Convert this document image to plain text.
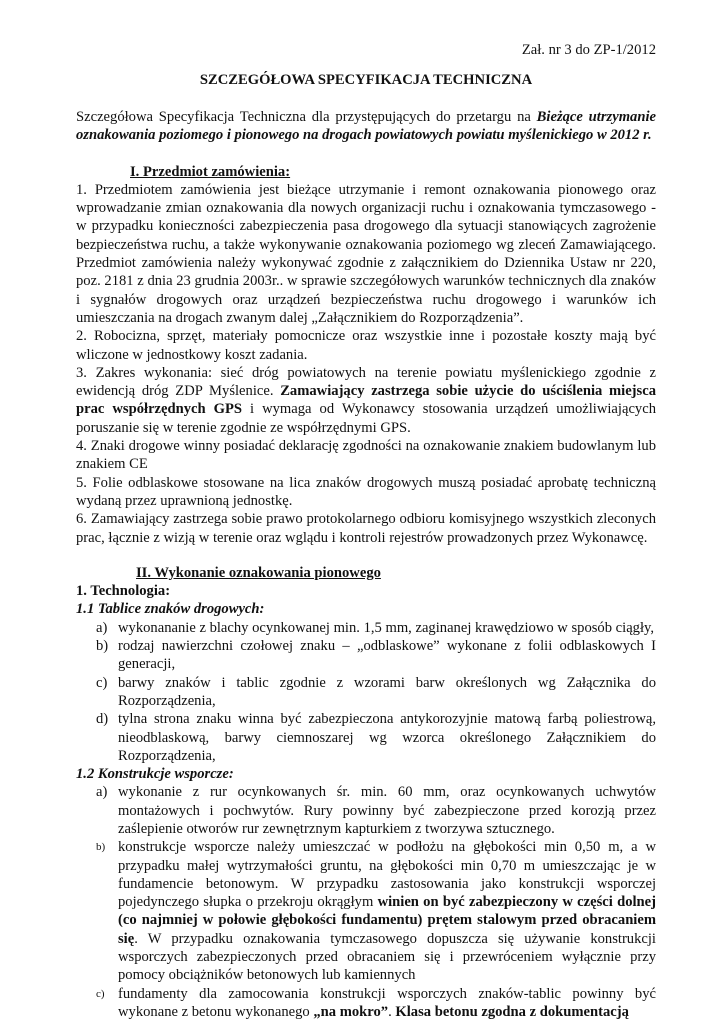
Zał. nr 3 do ZP-1/2012
SZCZEGÓŁOWA SPECYFIKACJA TECHNICZNA
Szczegółowa Specyfikacja Techniczna dla przystępujących do przetargu na Bieżące utrzymanie
oznakowania poziomego i pionowego na drogach powiatowych powiatu myślenickiego w 2012 r.
I. Przedmiot zamówienia:

1. Przedmiotem zamówienia jest bieżące utrzymanie i remont oznakowania pionowego oraz wprowadzanie zmian oznakowania dla nowych organizacji ruchu i oznakowania tymczasowego - w przypadku konieczności zabezpieczenia pasa drogowego dla sytuacji stanowiących zagrożenie bezpieczeństwa ruchu, a także wykonywanie oznakowania poziomego wg zleceń Zamawiającego. Przedmiot zamówienia należy wykonywać zgodnie z załącznikiem do Dziennika Ustaw nr 220, poz. 2181 z dnia 23 grudnia 2003r.. w sprawie szczegółowych warunków technicznych dla znaków i sygnałów drogowych oraz urządzeń bezpieczeństwa ruchu drogowego i warunków ich umieszczania na drogach zwanym dalej „Załącznikiem do Rozporządzenia”.

2. Robocizna, sprzęt, materiały pomocnicze oraz wszystkie inne i pozostałe koszty mają być wliczone w jednostkowy koszt zadania.

3. Zakres wykonania: sieć dróg powiatowych na terenie powiatu myślenickiego zgodnie z ewidencją dróg ZDP Myślenice. Zamawiający zastrzega sobie użycie do uściślenia miejsca prac współrzędnych GPS i wymaga od Wykonawcy stosowania urządzeń umożliwiających poruszanie się w terenie zgodnie ze współrzędnymi GPS.

4. Znaki drogowe winny posiadać deklarację zgodności na oznakowanie znakiem budowlanym lub znakiem CE

5. Folie odblaskowe stosowane na lica znaków drogowych muszą posiadać aprobatę techniczną wydaną przez uprawnioną jednostkę.

6. Zamawiający zastrzega sobie prawo protokolarnego odbioru komisyjnego wszystkich zleconych prac, łącznie z wizją w terenie oraz wglądu i kontroli rejestrów prowadzonych przez Wykonawcę.

II. Wykonanie oznakowania pionowego
1. Technologia:
1.1 Tablice znaków drogowych:
a) wykonananie z blachy ocynkowanej min. 1,5 mm, zaginanej krawędziowo w sposób ciągły,
b) rodzaj nawierzchni czołowej znaku – „odblaskowe” wykonane z folii odblaskowych I generacji,
c) barwy znaków i tablic zgodnie z wzorami barw określonych wg Załącznika do Rozporządzenia,
d) tylna strona znaku winna być zabezpieczona antykorozyjnie matową farbą poliestrową, nieodblaskową, barwy ciemnoszarej wg wzorca określonego Załącznikiem do Rozporządzenia,
1.2 Konstrukcje wsporcze:
a) wykonanie z rur ocynkowanych śr. min. 60 mm, oraz ocynkowanych uchwytów montażowych i pochwytów. Rury powinny być zabezpieczone przed korozją przez zaślepienie otworów rur zewnętrznym kapturkiem z tworzywa sztucznego.
b) konstrukcje wsporcze należy umieszczać w podłożu na głębokości min 0,50 m, a w przypadku małej wytrzymałości gruntu, na głębokości min 0,70 m umieszczając je w fundamencie betonowym. W przypadku zastosowania jako konstrukcji wsporczej pojedynczego słupka o przekroju okrągłym winien on być zabezpieczony w części dolnej (co najmniej w połowie głębokości fundamentu) prętem stalowym przed obracaniem się. W przypadku oznakowania tymczasowego dopuszcza się używanie konstrukcji wsporczych zabezpieczonych przed obracaniem się i przewróceniem wyłącznie przy pomocy obciążników betonowych lub kamiennych
c) fundamenty dla zamocowania konstrukcji wsporczych znaków-tablic powinny być wykonane z betonu wykonanego „na mokro”. Klasa betonu zgodna z dokumentacją
